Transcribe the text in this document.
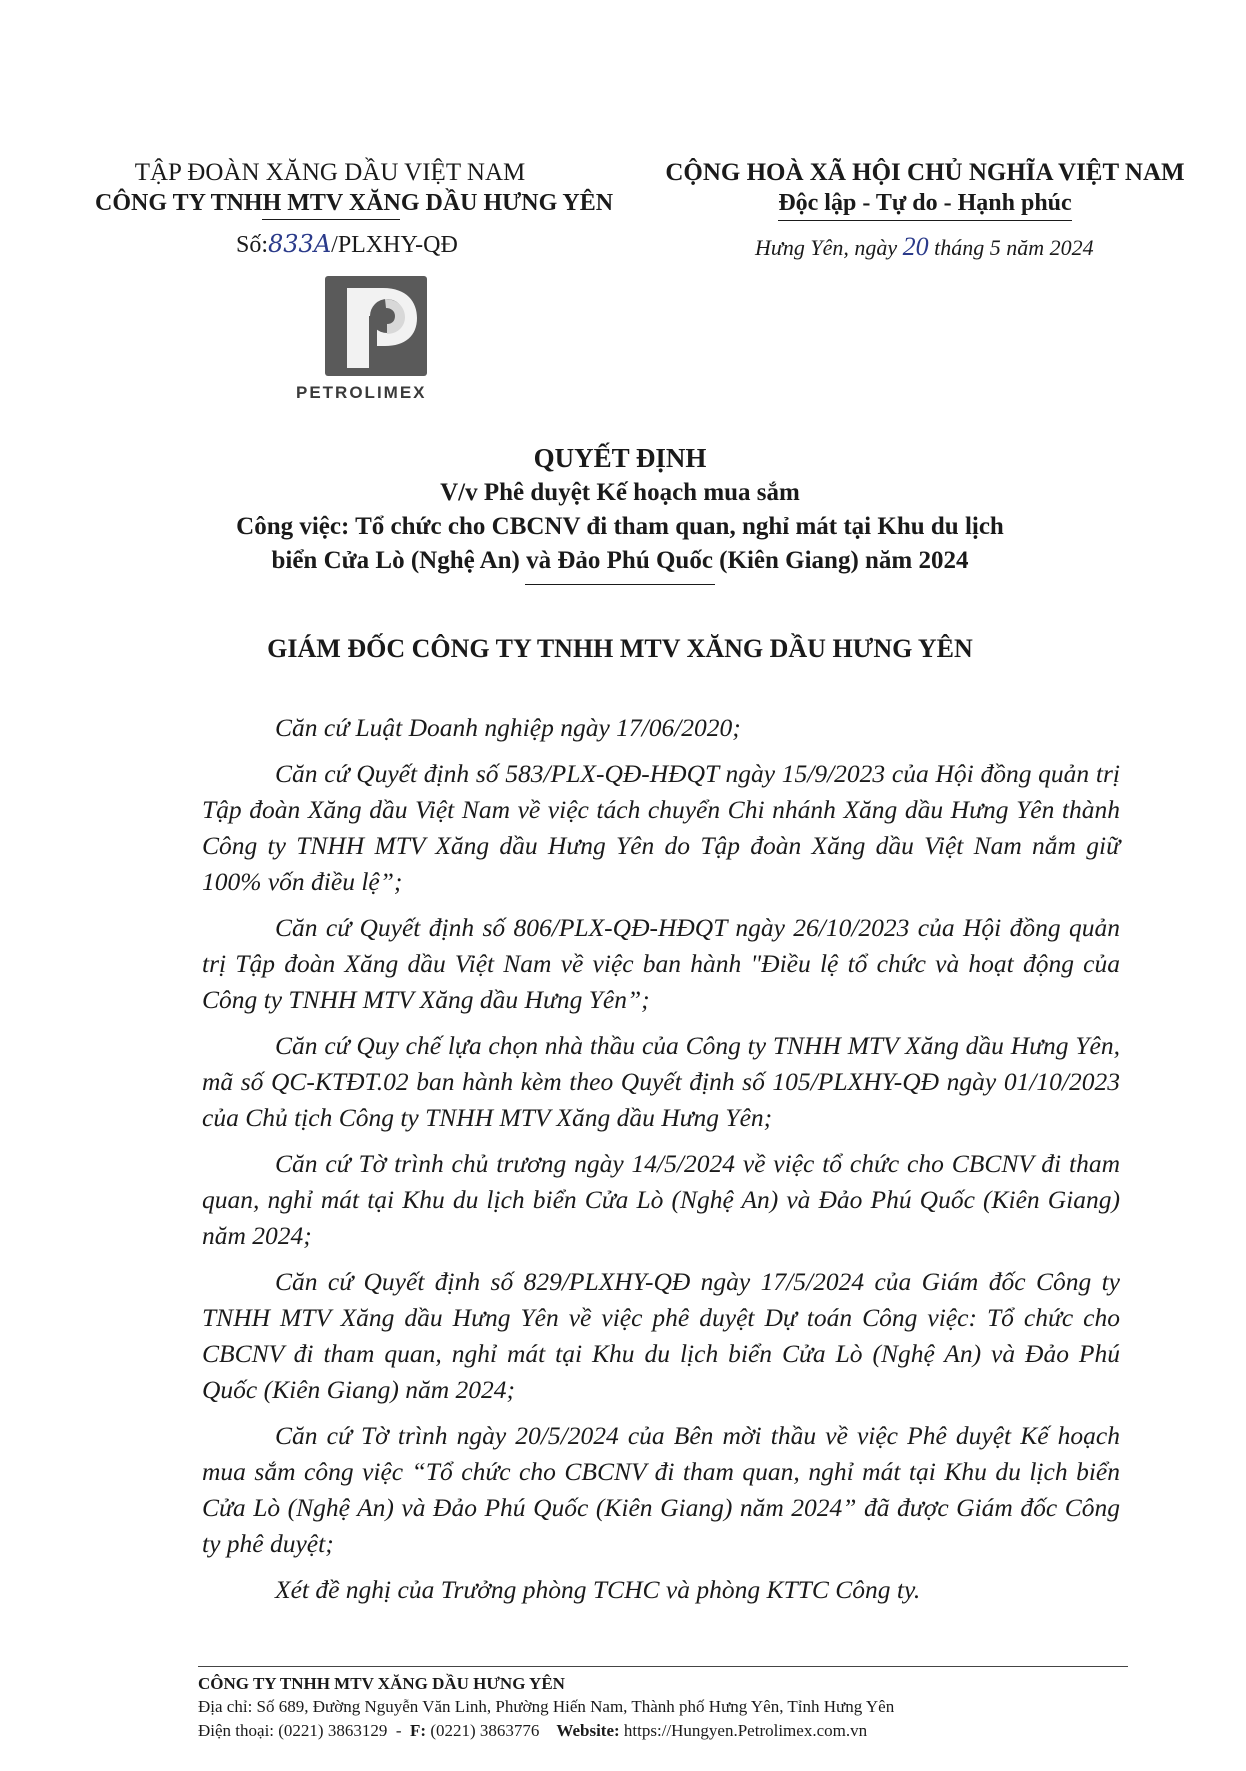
TẬP ĐOÀN XĂNG DẦU VIỆT NAM
CÔNG TY TNHH MTV XĂNG DẦU HƯNG YÊN
Số:833A/PLXHY-QĐ
CỘNG HOÀ XÃ HỘI CHỦ NGHĨA VIỆT NAM
Độc lập - Tự do - Hạnh phúc
Hưng Yên, ngày 20 tháng 5 năm 2024
PETROLIMEX
QUYẾT ĐỊNH
V/v Phê duyệt Kế hoạch mua sắm
Công việc: Tổ chức cho CBCNV đi tham quan, nghỉ mát tại Khu du lịch
biển Cửa Lò (Nghệ An) và Đảo Phú Quốc (Kiên Giang) năm 2024
GIÁM ĐỐC CÔNG TY TNHH MTV XĂNG DẦU HƯNG YÊN

Căn cứ Luật Doanh nghiệp ngày 17/06/2020;

Căn cứ Quyết định số 583/PLX-QĐ-HĐQT ngày 15/9/2023 của Hội đồng quản trị Tập đoàn Xăng dầu Việt Nam về việc tách chuyển Chi nhánh Xăng dầu Hưng Yên thành Công ty TNHH MTV Xăng dầu Hưng Yên do Tập đoàn Xăng dầu Việt Nam nắm giữ 100% vốn điều lệ”;

Căn cứ Quyết định số 806/PLX-QĐ-HĐQT ngày 26/10/2023 của Hội đồng quản trị Tập đoàn Xăng dầu Việt Nam về việc ban hành "Điều lệ tổ chức và hoạt động của Công ty TNHH MTV Xăng dầu Hưng Yên”;

Căn cứ Quy chế lựa chọn nhà thầu của Công ty TNHH MTV Xăng dầu Hưng Yên, mã số QC-KTĐT.02 ban hành kèm theo Quyết định số 105/PLXHY-QĐ ngày 01/10/2023 của Chủ tịch Công ty TNHH MTV Xăng dầu Hưng Yên;

Căn cứ Tờ trình chủ trương ngày 14/5/2024 về việc tổ chức cho CBCNV đi tham quan, nghỉ mát tại Khu du lịch biển Cửa Lò (Nghệ An) và Đảo Phú Quốc (Kiên Giang) năm 2024;

Căn cứ Quyết định số 829/PLXHY-QĐ ngày 17/5/2024 của Giám đốc Công ty TNHH MTV Xăng dầu Hưng Yên về việc phê duyệt Dự toán Công việc: Tổ chức cho CBCNV đi tham quan, nghỉ mát tại Khu du lịch biển Cửa Lò (Nghệ An) và Đảo Phú Quốc (Kiên Giang) năm 2024;

Căn cứ Tờ trình ngày 20/5/2024 của Bên mời thầu về việc Phê duyệt Kế hoạch mua sắm công việc “Tổ chức cho CBCNV đi tham quan, nghỉ mát tại Khu du lịch biển Cửa Lò (Nghệ An) và Đảo Phú Quốc (Kiên Giang) năm 2024” đã được Giám đốc Công ty phê duyệt;

Xét đề nghị của Trưởng phòng TCHC và phòng KTTC Công ty.

CÔNG TY TNHH MTV XĂNG DẦU HƯNG YÊN
Địa chỉ: Số 689, Đường Nguyễn Văn Linh, Phường Hiến Nam, Thành phố Hưng Yên, Tỉnh Hưng Yên
Điện thoại: (0221) 3863129 - F: (0221) 3863776 Website: https://Hungyen.Petrolimex.com.vn
